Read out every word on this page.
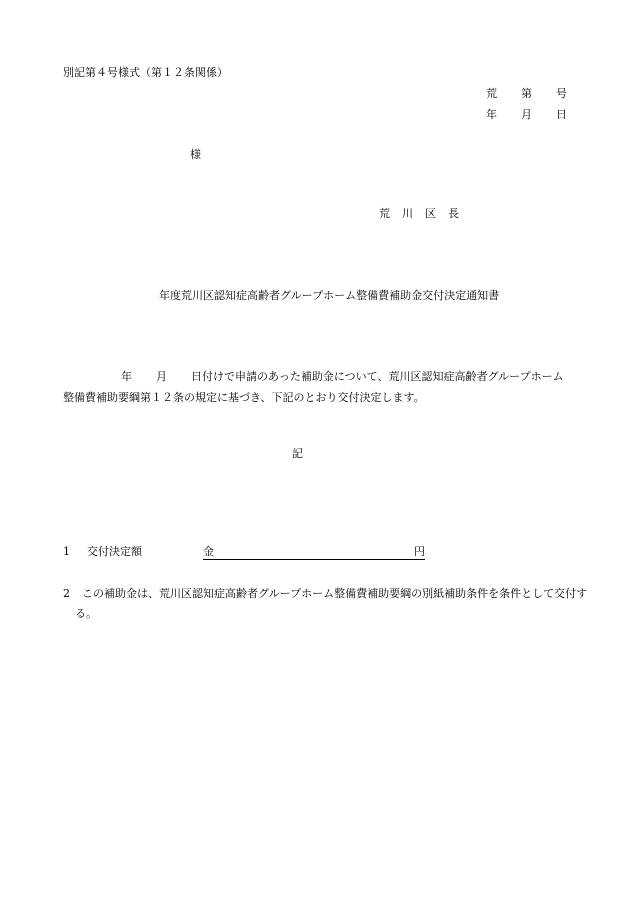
別記第４号様式（第１２条関係）
荒 第 号
年 月 日
様
荒 川 区 長
年度荒川区認知症高齢者グループホーム整備費補助金交付決定通知書
年 月 日付けで申請のあった補助金について、荒川区認知症高齢者グループホーム整備費補助要綱第１２条の規定に基づき、下記のとおり交付決定します。
記
1 交付決定額	金	円
2 この補助金は、荒川区認知症高齢者グループホーム整備費補助要綱の別紙補助条件を条件として交付する。
